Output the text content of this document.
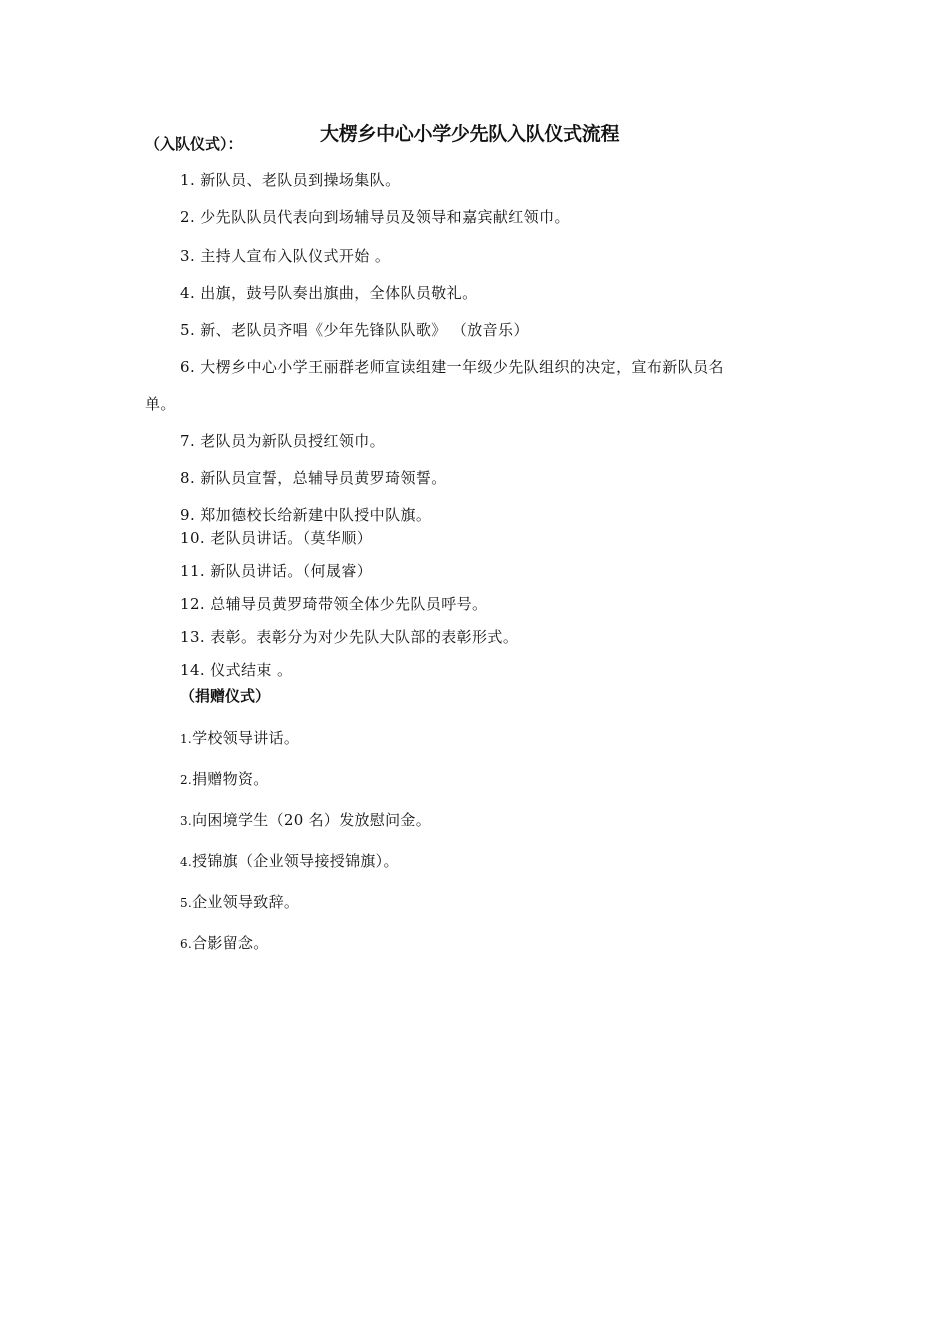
大楞乡中心小学少先队入队仪式流程
（入队仪式）：
1. 新队员、老队员到操场集队。
2. 少先队队员代表向到场辅导员及领导和嘉宾献红领巾。
3. 主持人宣布入队仪式开始 。
4. 出旗，鼓号队奏出旗曲，全体队员敬礼。
5. 新、老队员齐唱《少年先锋队队歌》 （放音乐）
6. 大楞乡中心小学王丽群老师宣读组建一年级少先队组织的决定，宣布新队员名
单。
7. 老队员为新队员授红领巾。
8. 新队员宣誓，总辅导员黄罗琦领誓。
9. 郑加德校长给新建中队授中队旗。
10. 老队员讲话。（莫华顺）
11. 新队员讲话。（何晟睿）
12. 总辅导员黄罗琦带领全体少先队员呼号。
13. 表彰。表彰分为对少先队大队部的表彰形式。
14. 仪式结束 。
（捐赠仪式）
1.学校领导讲话。
2.捐赠物资。
3.向困境学生（20 名）发放慰问金。
4.授锦旗（企业领导接授锦旗）。
5.企业领导致辞。
6.合影留念。
